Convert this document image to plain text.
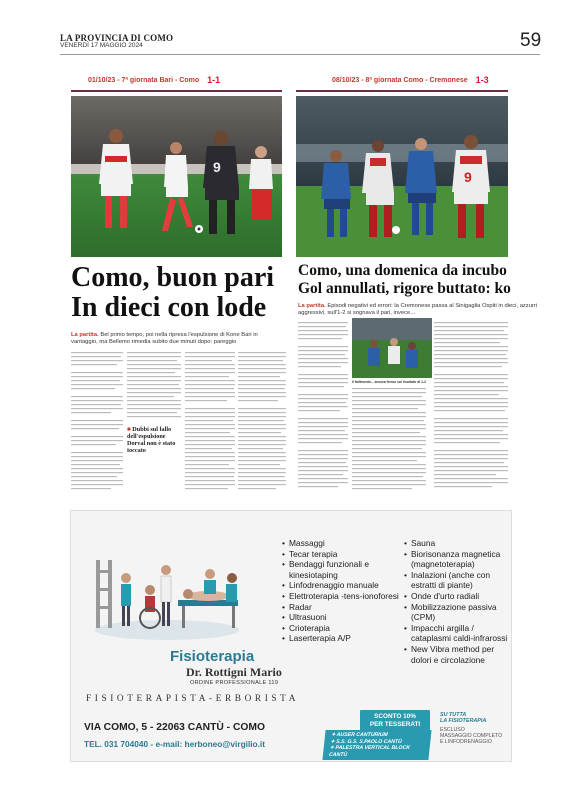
LA PROVINCIA DI COMO
VENERDÌ 17 MAGGIO 2024	59
01/10/23 - 7ª giornata Bari - Como 1-1	08/10/23 - 8ª giornata Como - Cremonese 1-3
9
9
Como, buon pari
In dieci con lode
La partita. Bel primo tempo, poi nella ripresa l'espulsione di Kone Bari in vantaggio, ma Bellemo rimedia subito due minuti dopo: pareggio
■ Dubbi sul fallo dell'espulsione Dorval non è stato toccato
Como, una domenica da incubo
Gol annullati, rigore buttato: ko
La partita. Episodi negativi ed errori: la Cremonese passa al Sinigaglia Ospiti in dieci, azzurri aggressivi, sull'1-2 si sognava il pari, invece...
Il fallimento... ancora fermo sul risultato di 1-2
• Massaggi
• Tecar terapia
• Bendaggi funzionali e kinesiotaping
• Linfodrenaggio manuale
• Elettroterapia -tens-ionoforesi
• Radar
• Ultrasuoni
• Crioterapia
• Laserterapia A/P
• Sauna
• Biorisonanza magnetica (magnetoterapia)
• Inalazioni (anche con estratti di piante)
• Onde d'urto radiali
• Mobilizzazione passiva (CPM)
• Impacchi argilla / cataplasmi caldi-infrarossi
• New Vibra method per dolori e circolazione
Fisioterapia
Dr. Rottigni Mario
ORDINE PROFESSIONALE 119
FISIOTERAPISTA-ERBORISTA
VIA COMO, 5 - 22063 CANTÙ - COMO
TEL. 031 704040 - e-mail: herboneo@virgilio.it
SCONTO 10%
PER TESSERATI
✦ AUSER CANTURIUM
✦ S.S. G.S. S.PAOLO CANTÙ
✦ PALESTRA VERTICAL BLOCK CANTÙ
SU TUTTA
LA FISIOTERAPIA
ESCLUSO
MASSAGGIO COMPLETO
E LINFODRENAGGIO
